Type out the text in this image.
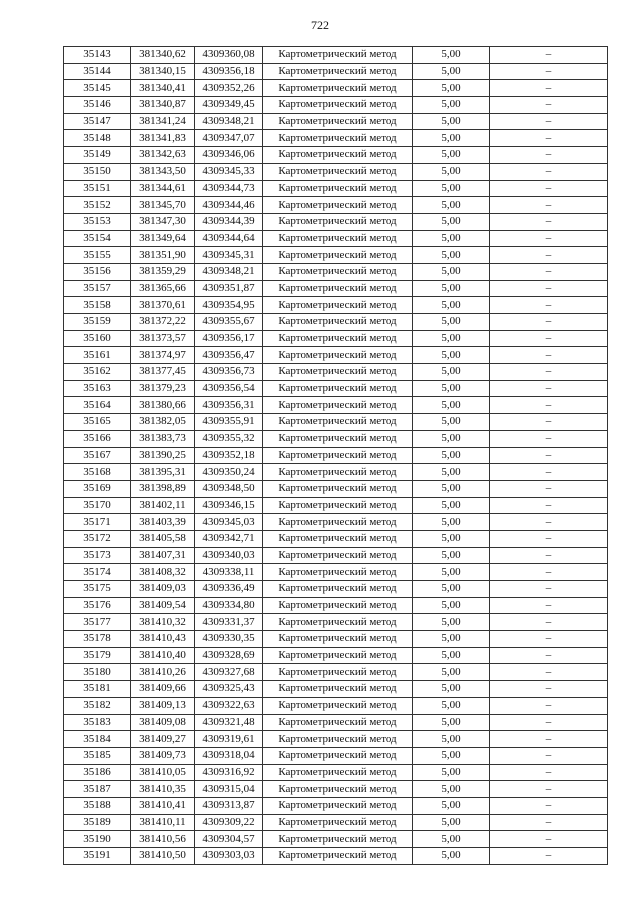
722
35143	381340,62	4309360,08	Картометрический метод	5,00	–
35144	381340,15	4309356,18	Картометрический метод	5,00	–
35145	381340,41	4309352,26	Картометрический метод	5,00	–
35146	381340,87	4309349,45	Картометрический метод	5,00	–
35147	381341,24	4309348,21	Картометрический метод	5,00	–
35148	381341,83	4309347,07	Картометрический метод	5,00	–
35149	381342,63	4309346,06	Картометрический метод	5,00	–
35150	381343,50	4309345,33	Картометрический метод	5,00	–
35151	381344,61	4309344,73	Картометрический метод	5,00	–
35152	381345,70	4309344,46	Картометрический метод	5,00	–
35153	381347,30	4309344,39	Картометрический метод	5,00	–
35154	381349,64	4309344,64	Картометрический метод	5,00	–
35155	381351,90	4309345,31	Картометрический метод	5,00	–
35156	381359,29	4309348,21	Картометрический метод	5,00	–
35157	381365,66	4309351,87	Картометрический метод	5,00	–
35158	381370,61	4309354,95	Картометрический метод	5,00	–
35159	381372,22	4309355,67	Картометрический метод	5,00	–
35160	381373,57	4309356,17	Картометрический метод	5,00	–
35161	381374,97	4309356,47	Картометрический метод	5,00	–
35162	381377,45	4309356,73	Картометрический метод	5,00	–
35163	381379,23	4309356,54	Картометрический метод	5,00	–
35164	381380,66	4309356,31	Картометрический метод	5,00	–
35165	381382,05	4309355,91	Картометрический метод	5,00	–
35166	381383,73	4309355,32	Картометрический метод	5,00	–
35167	381390,25	4309352,18	Картометрический метод	5,00	–
35168	381395,31	4309350,24	Картометрический метод	5,00	–
35169	381398,89	4309348,50	Картометрический метод	5,00	–
35170	381402,11	4309346,15	Картометрический метод	5,00	–
35171	381403,39	4309345,03	Картометрический метод	5,00	–
35172	381405,58	4309342,71	Картометрический метод	5,00	–
35173	381407,31	4309340,03	Картометрический метод	5,00	–
35174	381408,32	4309338,11	Картометрический метод	5,00	–
35175	381409,03	4309336,49	Картометрический метод	5,00	–
35176	381409,54	4309334,80	Картометрический метод	5,00	–
35177	381410,32	4309331,37	Картометрический метод	5,00	–
35178	381410,43	4309330,35	Картометрический метод	5,00	–
35179	381410,40	4309328,69	Картометрический метод	5,00	–
35180	381410,26	4309327,68	Картометрический метод	5,00	–
35181	381409,66	4309325,43	Картометрический метод	5,00	–
35182	381409,13	4309322,63	Картометрический метод	5,00	–
35183	381409,08	4309321,48	Картометрический метод	5,00	–
35184	381409,27	4309319,61	Картометрический метод	5,00	–
35185	381409,73	4309318,04	Картометрический метод	5,00	–
35186	381410,05	4309316,92	Картометрический метод	5,00	–
35187	381410,35	4309315,04	Картометрический метод	5,00	–
35188	381410,41	4309313,87	Картометрический метод	5,00	–
35189	381410,11	4309309,22	Картометрический метод	5,00	–
35190	381410,56	4309304,57	Картометрический метод	5,00	–
35191	381410,50	4309303,03	Картометрический метод	5,00	–
